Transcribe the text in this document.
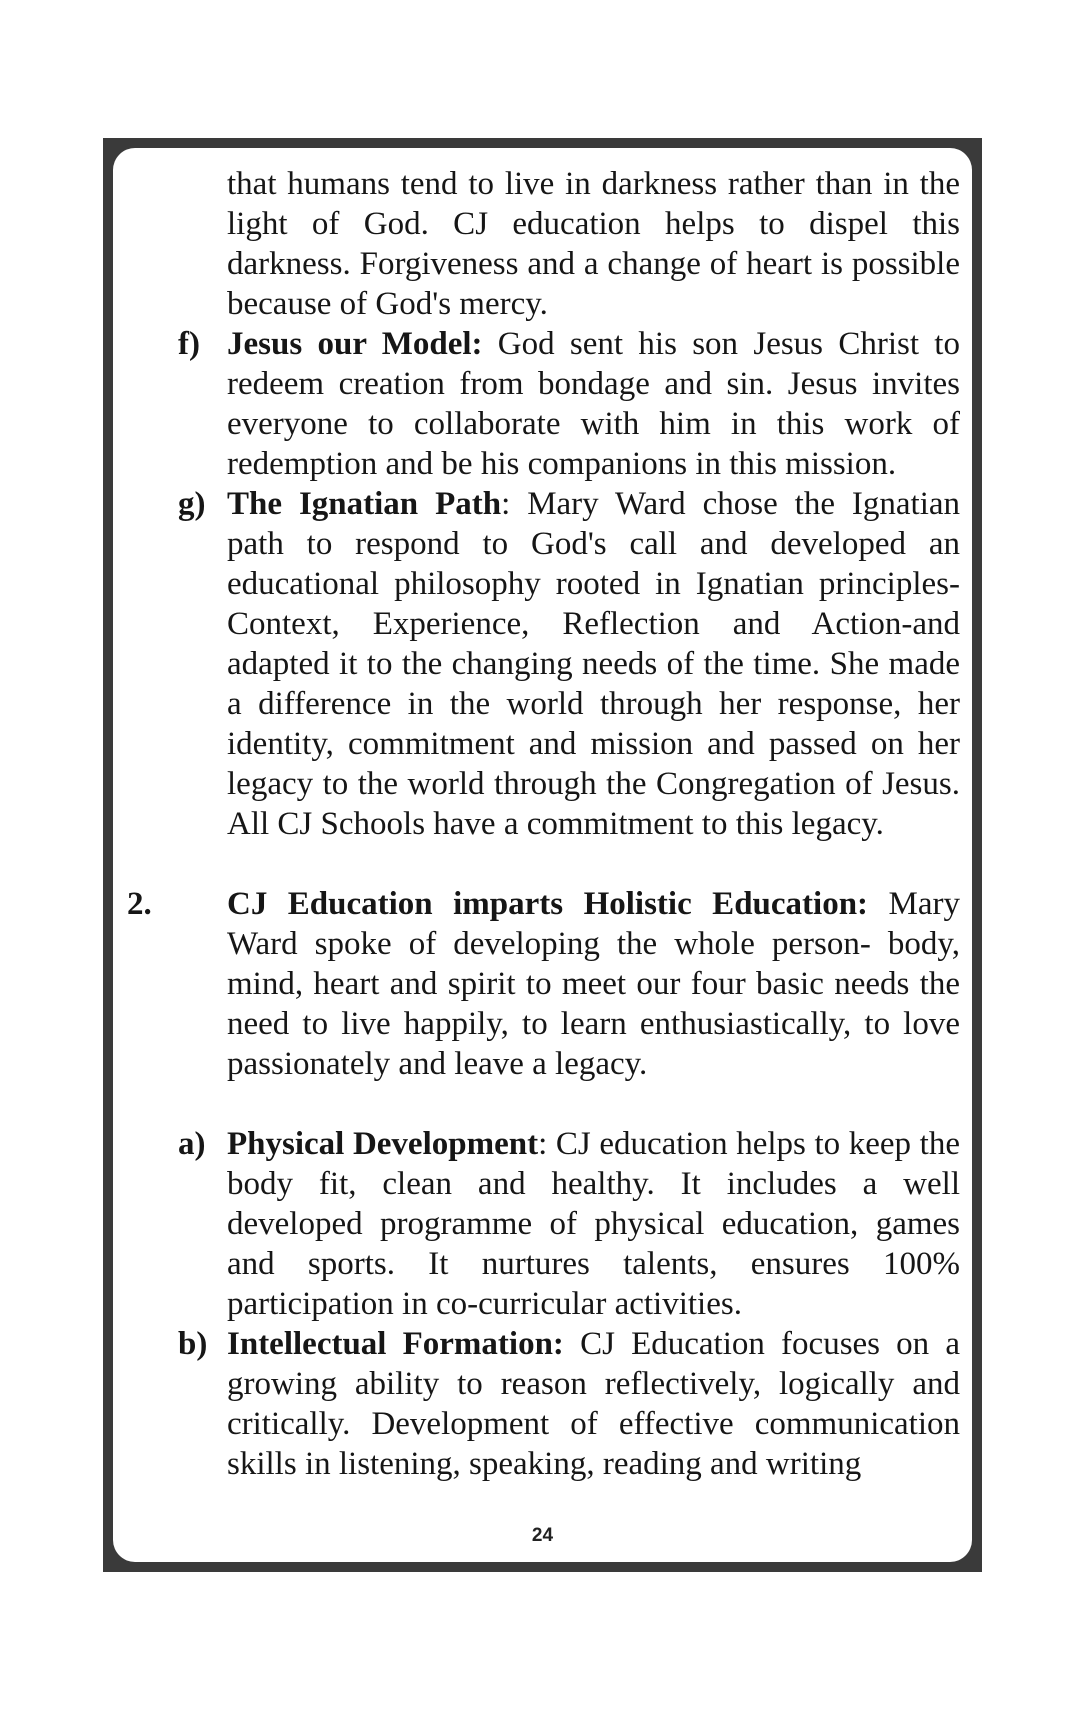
that humans tend to live in darkness rather than in the light of God. CJ education helps to dispel this darkness. Forgiveness and a change of heart is possible because of God's mercy.

f) Jesus our Model: God sent his son Jesus Christ to redeem creation from bondage and sin. Jesus invites everyone to collaborate with him in this work of redemption and be his companions in this mission.

g) The Ignatian Path: Mary Ward chose the Ignatian path to respond to God's call and developed an educational philosophy rooted in Ignatian principles-Context, Experience, Reflection and Action-and adapted it to the changing needs of the time. She made a difference in the world through her response, her identity, commitment and mission and passed on her legacy to the world through the Congregation of Jesus. All CJ Schools have a commitment to this legacy.

2. CJ Education imparts Holistic Education: Mary Ward spoke of developing the whole person- body, mind, heart and spirit to meet our four basic needs the need to live happily, to learn enthusiastically, to love passionately and leave a legacy.

a) Physical Development: CJ education helps to keep the body fit, clean and healthy. It includes a well developed programme of physical education, games and sports. It nurtures talents, ensures 100% participation in co-curricular activities.

b) Intellectual Formation: CJ Education focuses on a growing ability to reason reflectively, logically and critically. Development of effective communication skills in listening, speaking, reading and writing

24
